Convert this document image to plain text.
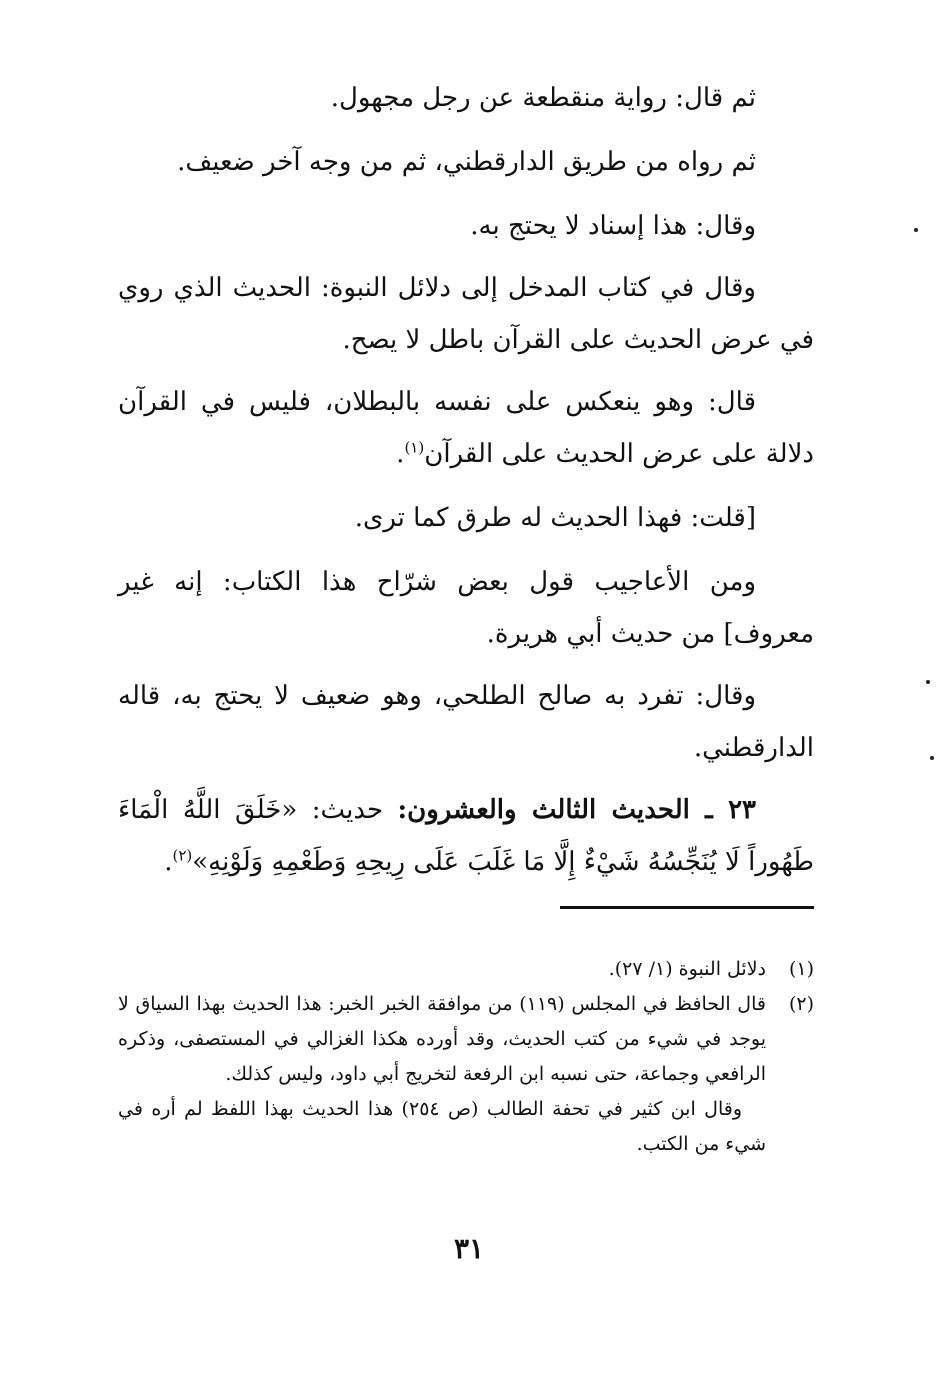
ثم قال: رواية منقطعة عن رجل مجهول.

ثم رواه من طريق الدارقطني، ثم من وجه آخر ضعيف.

وقال: هذا إسناد لا يحتج به.

وقال في كتاب المدخل إلى دلائل النبوة: الحديث الذي روي في عرض الحديث على القرآن باطل لا يصح.

قال: وهو ينعكس على نفسه بالبطلان، فليس في القرآن دلالة على عرض الحديث على القرآن$^{(١)}$.

[قلت: فهذا الحديث له طرق كما ترى.

ومن الأعاجيب قول بعض شرّاح هذا الكتاب: إنه غير معروف] من حديث أبي هريرة.

وقال: تفرد به صالح الطلحي، وهو ضعيف لا يحتج به، قاله الدارقطني.

٢٣ ـ الحديث الثالث والعشرون: حديث: «خَلَقَ اللَّهُ الْمَاءَ طَهُوراً لَا يُنَجِّسُهُ شَيْءٌ إِلَّا مَا غَلَبَ عَلَى رِيحِهِ وَطَعْمِهِ وَلَوْنِهِ»$^{(٢)}$.

(١)
دلائل النبوة (١/ ٢٧).
(٢)
قال الحافظ في المجلس (١١٩) من موافقة الخبر الخبر: هذا الحديث بهذا السياق لا يوجد في شيء من كتب الحديث، وقد أورده هكذا الغزالي في المستصفى، وذكره الرافعي وجماعة، حتى نسبه ابن الرفعة لتخريج أبي داود، وليس كذلك.
وقال ابن كثير في تحفة الطالب (ص ٢٥٤) هذا الحديث بهذا اللفظ لم أره في شيء من الكتب.
٣١
